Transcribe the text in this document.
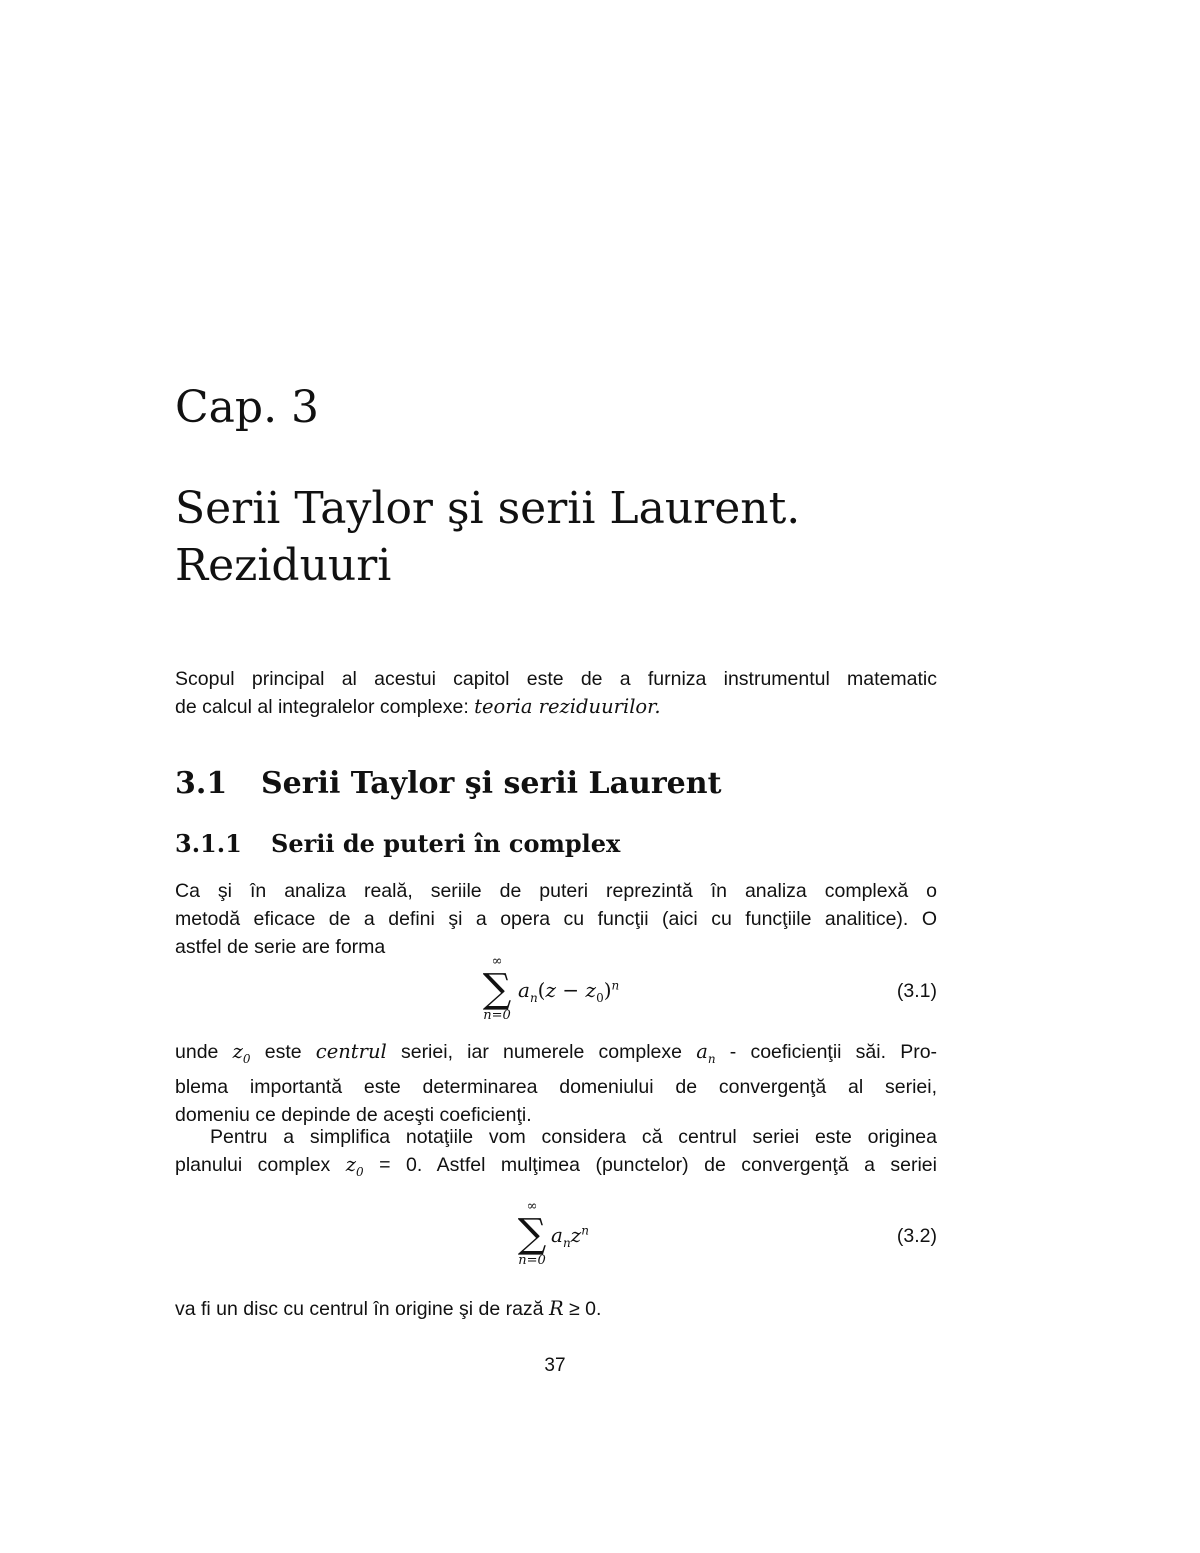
Cap. 3
Serii Taylor şi serii Laurent.
Reziduuri
Scopul principal al acestui capitol este de a furniza instrumentul matematic
de calcul al integralelor complexe: teoria reziduurilor.
3.1 Serii Taylor şi serii Laurent
3.1.1 Serii de puteri în complex
Ca şi în analiza reală, seriile de puteri reprezintă în analiza complexă o
metodă eficace de a defini şi a opera cu funcţii (aici cu funcţiile analitice). O
astfel de serie are forma
∞
∑
n=0
$a_n(z - z_0)^n$	(3.1)
unde $z_0$ este centrul seriei, iar numerele complexe $a_n$ - coeficienţii săi. Pro-
blema importantă este determinarea domeniului de convergenţă al seriei,
domeniu ce depinde de aceşti coeficienţi.
Pentru a simplifica notaţiile vom considera că centrul seriei este originea
planului complex $z_0 = 0$. Astfel mulţimea (punctelor) de convergenţă a seriei
∞
∑
n=0
$a_nz^n$	(3.2)
va fi un disc cu centrul în origine şi de rază R ≥ 0.
37
